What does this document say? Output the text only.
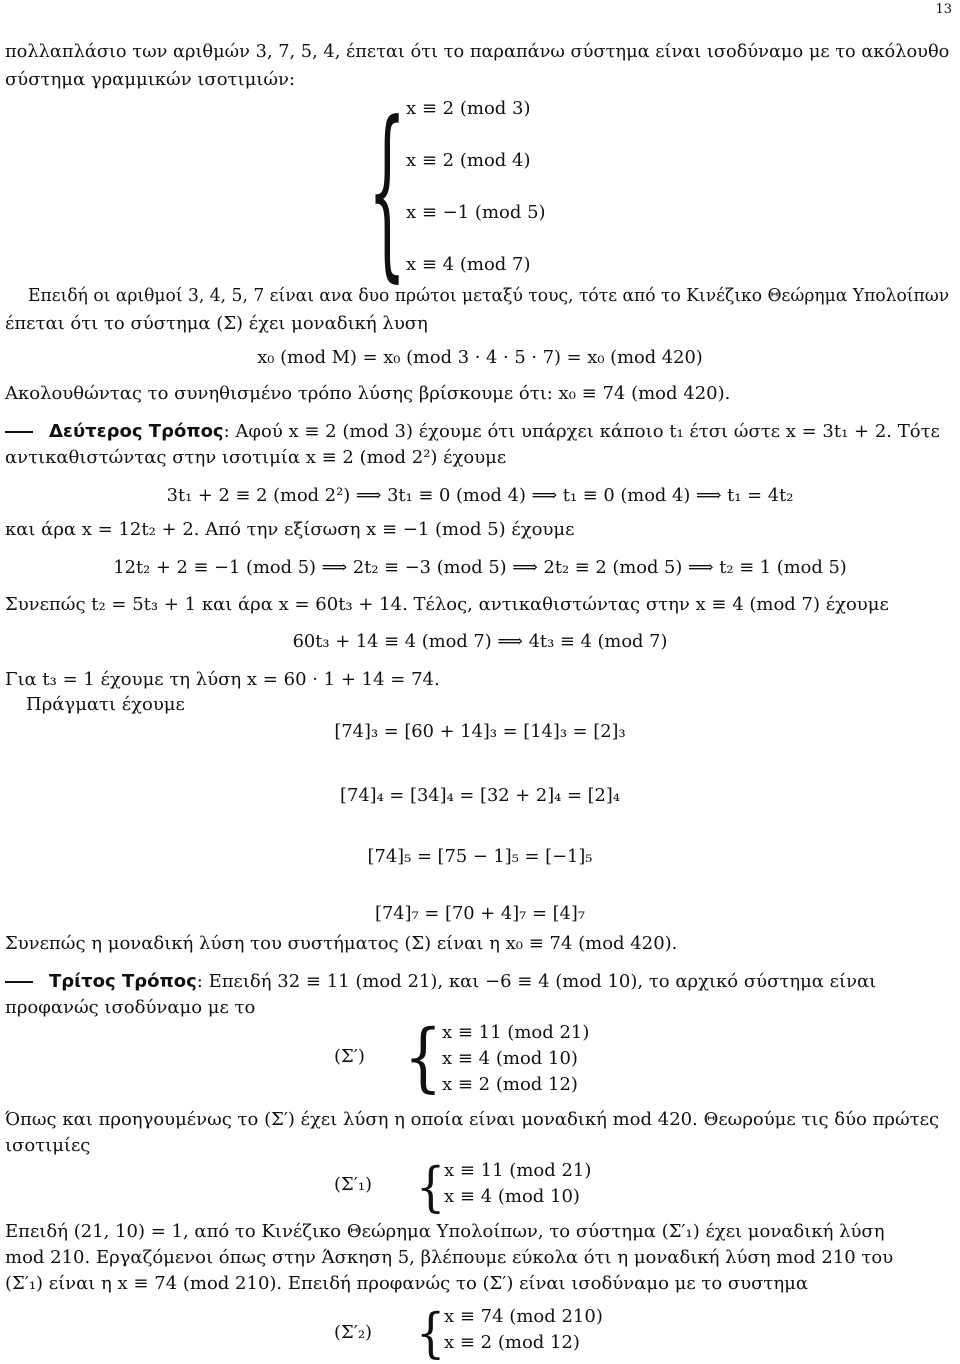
13
πολλαπλάσιο των αριθμών 3, 7, 5, 4, έπεται ότι το παραπάνω σύστημα είναι ισοδύναμο με το ακόλουθο
σύστημα γραμμικών ισοτιμιών:
{ x ≡ 2 (mod 3)
x ≡ 2 (mod 4)
x ≡ −1 (mod 5)
x ≡ 4 (mod 7)
Επειδή οι αριθμοί 3, 4, 5, 7 είναι ανα δυο πρώτοι μεταξύ τους, τότε από το Κινέζικο Θεώρημα Υπολοίπων
έπεται ότι το σύστημα (Σ) έχει μοναδική λυση
x₀ (mod M) = x₀ (mod 3 · 4 · 5 · 7) = x₀ (mod 420)
Ακολουθώντας το συνηθισμένο τρόπο λύσης βρίσκουμε ότι: x₀ ≡ 74 (mod 420).
Δεύτερος Τρόπος: Αφού x ≡ 2 (mod 3) έχουμε ότι υπάρχει κάποιο t₁ έτσι ώστε x = 3t₁ + 2. Τότε
αντικαθιστώντας στην ισοτιμία x ≡ 2 (mod 2²) έχουμε
3t₁ + 2 ≡ 2 (mod 2²) ⟹ 3t₁ ≡ 0 (mod 4) ⟹ t₁ ≡ 0 (mod 4) ⟹ t₁ = 4t₂
και άρα x = 12t₂ + 2. Από την εξίσωση x ≡ −1 (mod 5) έχουμε
12t₂ + 2 ≡ −1 (mod 5) ⟹ 2t₂ ≡ −3 (mod 5) ⟹ 2t₂ ≡ 2 (mod 5) ⟹ t₂ ≡ 1 (mod 5)
Συνεπώς t₂ = 5t₃ + 1 και άρα x = 60t₃ + 14. Τέλος, αντικαθιστώντας στην x ≡ 4 (mod 7) έχουμε
60t₃ + 14 ≡ 4 (mod 7) ⟹ 4t₃ ≡ 4 (mod 7)
Για t₃ = 1 έχουμε τη λύση x = 60 · 1 + 14 = 74.
Πράγματι έχουμε
[74]₃ = [60 + 14]₃ = [14]₃ = [2]₃
[74]₄ = [34]₄ = [32 + 2]₄ = [2]₄
[74]₅ = [75 − 1]₅ = [−1]₅
[74]₇ = [70 + 4]₇ = [4]₇
Συνεπώς η μοναδική λύση του συστήματος (Σ) είναι η x₀ ≡ 74 (mod 420).
Τρίτος Τρόπος: Επειδή 32 ≡ 11 (mod 21), και −6 ≡ 4 (mod 10), το αρχικό σύστημα είναι
προφανώς ισοδύναμο με το
(Σ′) { x ≡ 11 (mod 21)
x ≡ 4 (mod 10)
x ≡ 2 (mod 12)
Όπως και προηγουμένως το (Σ′) έχει λύση η οποία είναι μοναδική mod 420. Θεωρούμε τις δύο πρώτες
ισοτιμίες
(Σ′₁) {
x ≡ 11 (mod 21)
x ≡ 4 (mod 10)
Επειδή (21, 10) = 1, από το Κινέζικο Θεώρημα Υπολοίπων, το σύστημα (Σ′₁) έχει μοναδική λύση
mod 210. Εργαζόμενοι όπως στην Άσκηση 5, βλέπουμε εύκολα ότι η μοναδική λύση mod 210 του
(Σ′₁) είναι η x ≡ 74 (mod 210). Επειδή προφανώς το (Σ′) είναι ισοδύναμο με το συστημα
(Σ′₂) {
x ≡ 74 (mod 210)
x ≡ 2 (mod 12)
